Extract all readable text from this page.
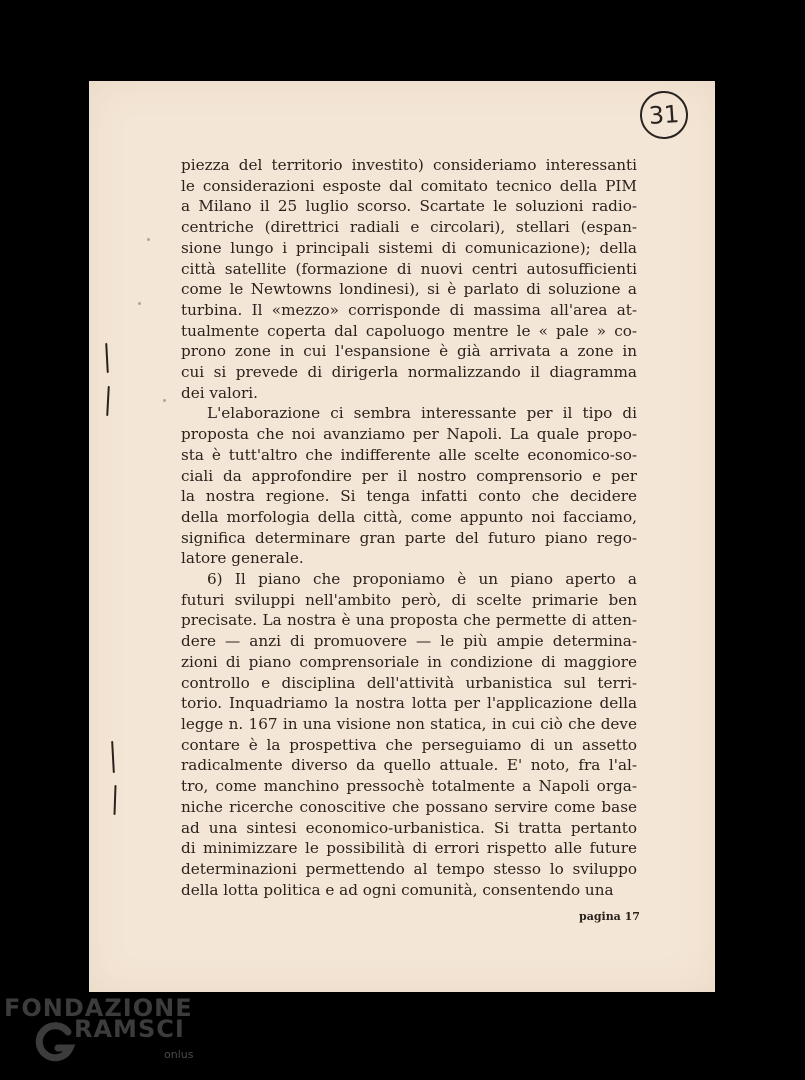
31
piezza del territorio investito) consideriamo interessanti
le considerazioni esposte dal comitato tecnico della PIM
a Milano il 25 luglio scorso. Scartate le soluzioni radio-
centriche (direttrici radiali e circolari), stellari (espan-
sione lungo i principali sistemi di comunicazione); della
città satellite (formazione di nuovi centri autosufficienti
come le Newtowns londinesi), si è parlato di soluzione a
turbina. Il «mezzo» corrisponde di massima all'area at-
tualmente coperta dal capoluogo mentre le « pale » co-
prono zone in cui l'espansione è già arrivata a zone in
cui si prevede di dirigerla normalizzando il diagramma
dei valori.
L'elaborazione ci sembra interessante per il tipo di
proposta che noi avanziamo per Napoli. La quale propo-
sta è tutt'altro che indifferente alle scelte economico-so-
ciali da approfondire per il nostro comprensorio e per
la nostra regione. Si tenga infatti conto che decidere
della morfologia della città, come appunto noi facciamo,
significa determinare gran parte del futuro piano rego-
latore generale.
6) Il piano che proponiamo è un piano aperto a
futuri sviluppi nell'ambito però, di scelte primarie ben
precisate. La nostra è una proposta che permette di atten-
dere — anzi di promuovere — le più ampie determina-
zioni di piano comprensoriale in condizione di maggiore
controllo e disciplina dell'attività urbanistica sul terri-
torio. Inquadriamo la nostra lotta per l'applicazione della
legge n. 167 in una visione non statica, in cui ciò che deve
contare è la prospettiva che perseguiamo di un assetto
radicalmente diverso da quello attuale. E' noto, fra l'al-
tro, come manchino pressochè totalmente a Napoli orga-
niche ricerche conoscitive che possano servire come base
ad una sintesi economico-urbanistica. Si tratta pertanto
di minimizzare le possibilità di errori rispetto alle future
determinazioni permettendo al tempo stesso lo sviluppo
della lotta politica e ad ogni comunità, consentendo una
pagina 17
FONDAZIONE
RAMSCI
onlus
